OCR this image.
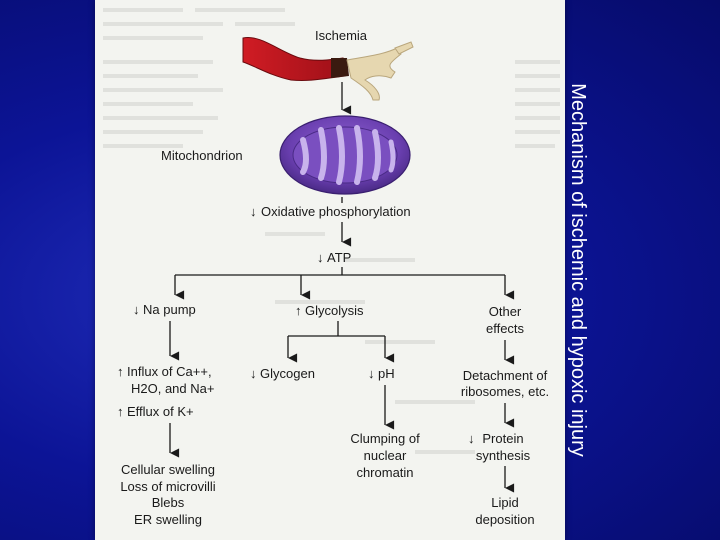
Ischemia
Mitochondrion
↓ Oxidative phosphorylation
↓ ATP
↓ Na pump	↑ Glycolysis	Other
effects
↑ Influx of Ca++,
H2O, and Na+
↑ Efflux of K+
↓ Glycogen	↓ pH	Detachment of
ribosomes, etc.
Clumping of
nuclear
chromatin
↓ Protein
synthesis
Cellular swelling
Loss of microvilli
Blebs
ER swelling
Lipid
deposition
Mechanism of ischemic and hypoxic injury
